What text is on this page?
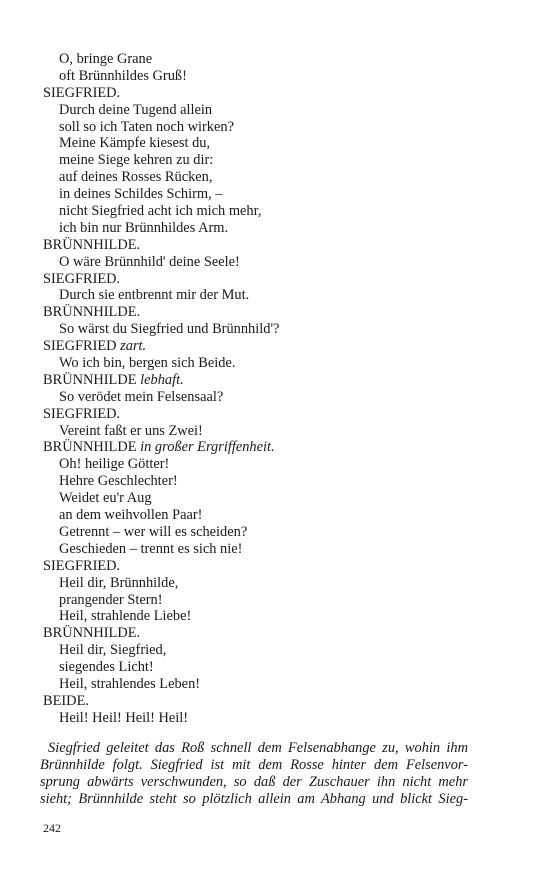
O, bringe Grane
oft Brünnhildes Gruß!
SIEGFRIED.
Durch deine Tugend allein
soll so ich Taten noch wirken?
Meine Kämpfe kiesest du,
meine Siege kehren zu dir:
auf deines Rosses Rücken,
in deines Schildes Schirm, –
nicht Siegfried acht ich mich mehr,
ich bin nur Brünnhildes Arm.
BRÜNNHILDE.
O wäre Brünnhild' deine Seele!
SIEGFRIED.
Durch sie entbrennt mir der Mut.
BRÜNNHILDE.
So wärst du Siegfried und Brünnhild'?
SIEGFRIED zart.
Wo ich bin, bergen sich Beide.
BRÜNNHILDE lebhaft.
So verödet mein Felsensaal?
SIEGFRIED.
Vereint faßt er uns Zwei!
BRÜNNHILDE in großer Ergriffenheit.
Oh! heilige Götter!
Hehre Geschlechter!
Weidet eu'r Aug
an dem weihvollen Paar!
Getrennt – wer will es scheiden?
Geschieden – trennt es sich nie!
SIEGFRIED.
Heil dir, Brünnhilde,
prangender Stern!
Heil, strahlende Liebe!
BRÜNNHILDE.
Heil dir, Siegfried,
siegendes Licht!
Heil, strahlendes Leben!
BEIDE.
Heil! Heil! Heil! Heil!
Siegfried geleitet das Roß schnell dem Felsenabhange zu, wohin ihm
Brünnhilde folgt. Siegfried ist mit dem Rosse hinter dem Felsenvor-
sprung abwärts verschwunden, so daß der Zuschauer ihn nicht mehr
sieht; Brünnhilde steht so plötzlich allein am Abhang und blickt Sieg-
242
